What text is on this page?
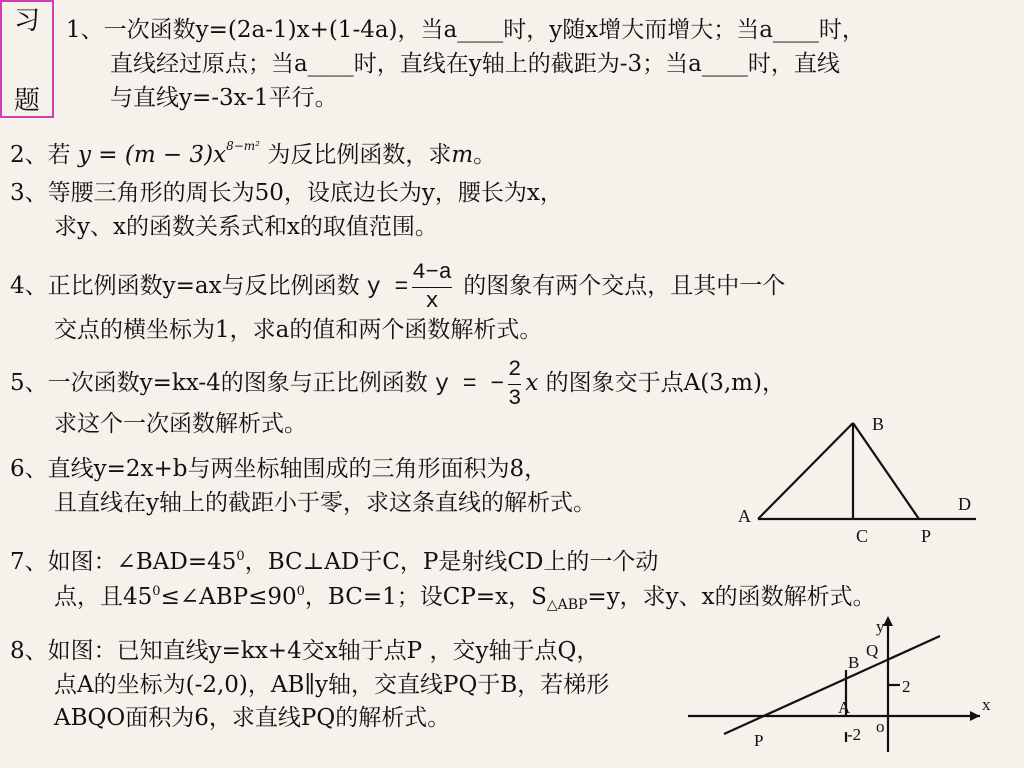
习
题
1、一次函数y=(2a-1)x+(1-4a)，当a____时，y随x增大而增大；当a____时，
直线经过原点；当a____时，直线在y轴上的截距为-3；当a____时，直线
与直线y=-3x-1平行。
2、若 $y = (m - 3)x^{8-m^2}$ 为反比例函数，求m。
3、等腰三角形的周长为50，设底边长为y，腰长为x，
求y、x的函数关系式和x的取值范围。
4、正比例函数y=ax与反比例函数 $y = \frac{4-a}{x}$ 的图象有两个交点，且其中一个
交点的横坐标为1，求a的值和两个函数解析式。
5、一次函数y=kx-4的图象与正比例函数 y = − $\frac{2}{3}$ x 的图象交于点A(3,m)，
求这个一次函数解析式。
6、直线y=2x+b与两坐标轴围成的三角形面积为8，
且直线在y轴上的截距小于零，求这条直线的解析式。
7、如图：$\angle BAD=45^0$，BC⊥AD于C，P是射线CD上的一个动
点，且$45^0\le\angle ABP\le 90^0$，BC=1；设CP=x，$S_{\triangle ABP}=y$，求y、x的函数解析式。
8、如图：已知直线y=kx+4交x轴于点P ，交y轴于点Q，
点A的坐标为(-2,0)，AB∥y轴，交直线PQ于B，若梯形
ABQO面积为6，求直线PQ的解析式。
B
A
D
C	P
y
x
Q
B
A
o
P
2
-2
